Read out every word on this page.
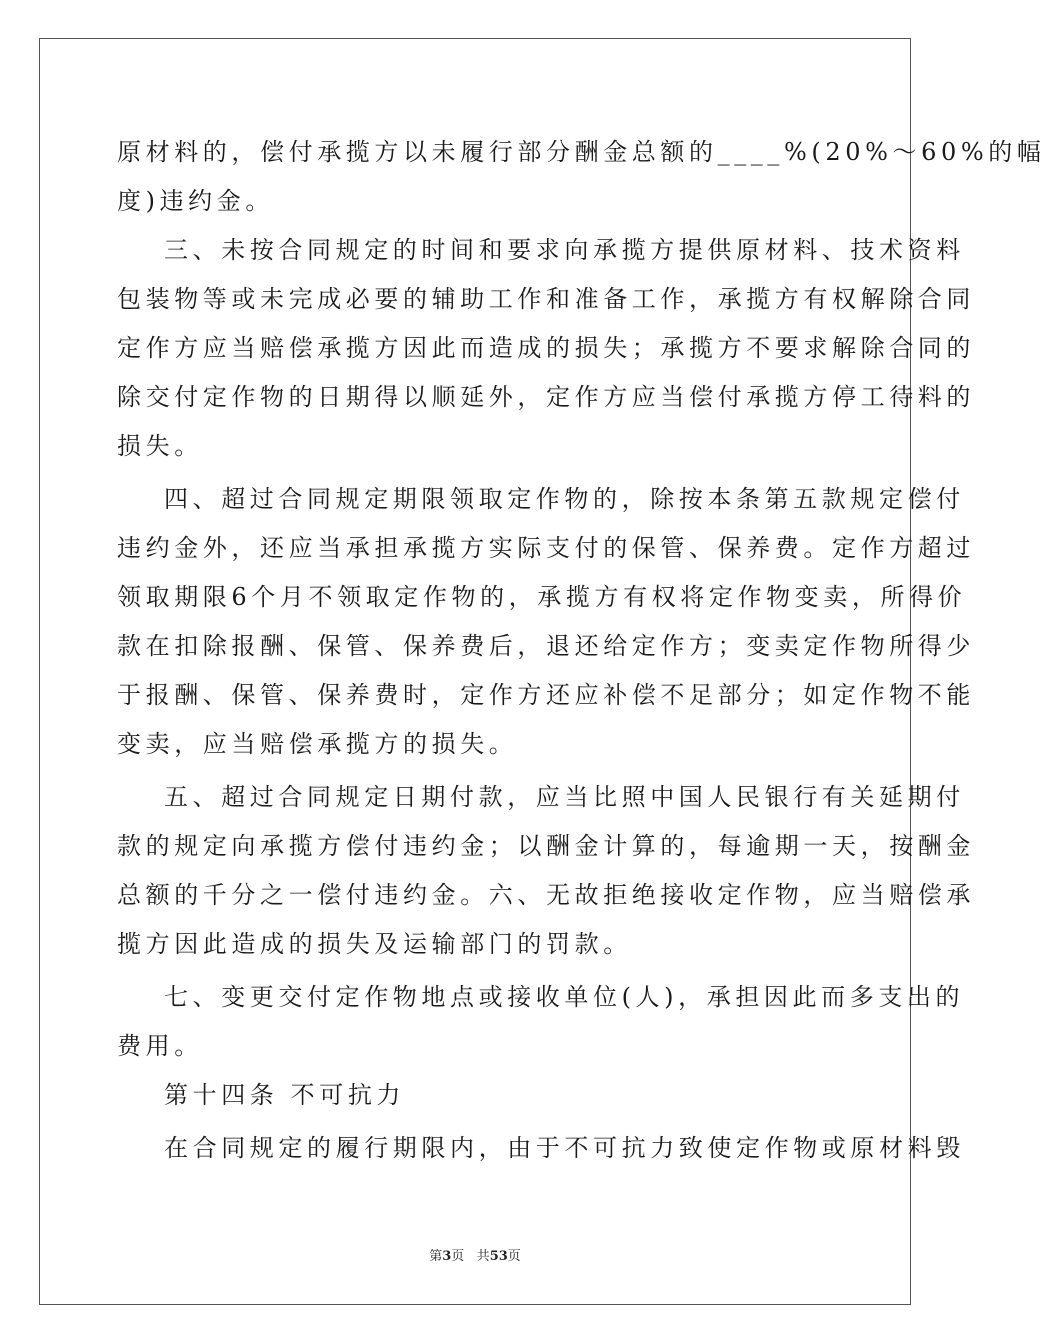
原材料的，偿付承揽方以未履行部分酬金总额的____%(20%～60%的幅
度)违约金。
三、未按合同规定的时间和要求向承揽方提供原材料、技术资料
包装物等或未完成必要的辅助工作和准备工作，承揽方有权解除合同
定作方应当赔偿承揽方因此而造成的损失；承揽方不要求解除合同的
除交付定作物的日期得以顺延外，定作方应当偿付承揽方停工待料的
损失。
四、超过合同规定期限领取定作物的，除按本条第五款规定偿付
违约金外，还应当承担承揽方实际支付的保管、保养费。定作方超过
领取期限6个月不领取定作物的，承揽方有权将定作物变卖，所得价
款在扣除报酬、保管、保养费后，退还给定作方；变卖定作物所得少
于报酬、保管、保养费时，定作方还应补偿不足部分；如定作物不能
变卖，应当赔偿承揽方的损失。
五、超过合同规定日期付款，应当比照中国人民银行有关延期付
款的规定向承揽方偿付违约金；以酬金计算的，每逾期一天，按酬金
总额的千分之一偿付违约金。六、无故拒绝接收定作物，应当赔偿承
揽方因此造成的损失及运输部门的罚款。
七、变更交付定作物地点或接收单位(人)，承担因此而多支出的
费用。
第十四条 不可抗力
在合同规定的履行期限内，由于不可抗力致使定作物或原材料毁
第3页 共53页
